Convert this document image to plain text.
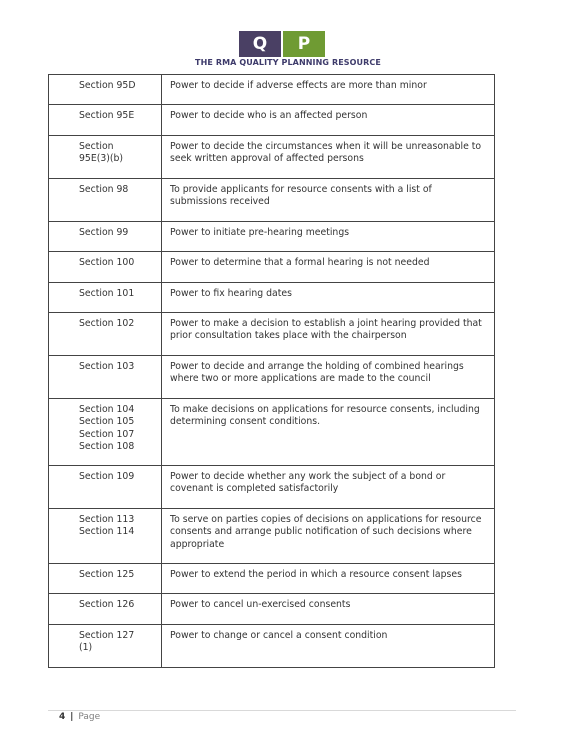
Q	P
THE RMA QUALITY PLANNING RESOURCE
Section 95D	Power to decide if adverse effects are more than minor

Section 95E	Power to decide who is an affected person

Section
95E(3)(b)	Power to decide the circumstances when it will be unreasonable to seek written approval of affected persons

Section 98	To provide applicants for resource consents with a list of submissions received

Section 99	Power to initiate pre-hearing meetings

Section 100	Power to determine that a formal hearing is not needed

Section 101	Power to fix hearing dates

Section 102	Power to make a decision to establish a joint hearing provided that prior consultation takes place with the chairperson

Section 103	Power to decide and arrange the holding of combined hearings where two or more applications are made to the council

Section 104
Section 105
Section 107
Section 108	To make decisions on applications for resource consents, including determining consent conditions.

Section 109	Power to decide whether any work the subject of a bond or covenant is completed satisfactorily

Section 113
Section 114	To serve on parties copies of decisions on applications for resource consents and arrange public notification of such decisions where appropriate

Section 125	Power to extend the period in which a resource consent lapses

Section 126	Power to cancel un-exercised consents

Section 127
(1)	Power to change or cancel a consent condition
4 | Page
